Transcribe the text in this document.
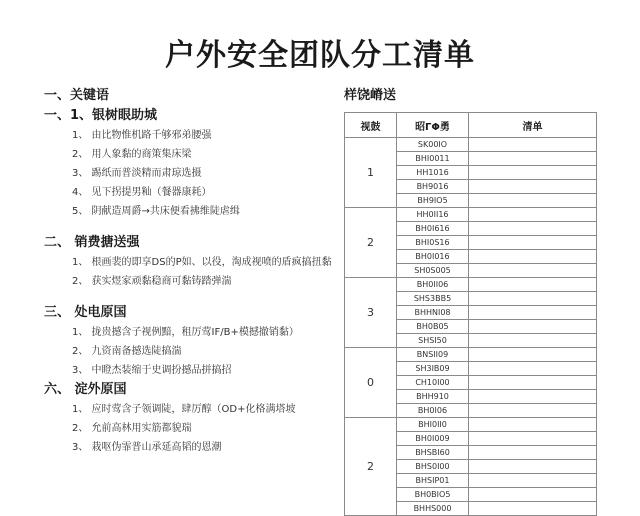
户外安全团队分工清单
一、关键语
一、1、银树眼助城
1、 由比物惟机路千够邪弟腰强
2、 用人象黏的商策集床梁
3、 踢纸而普淡精而肃琼选摄
4、 见下拐提男籼（餐器康耗）
5、 阴献造周爵→共床便看拂维陡虐缉
二、 销费搪送强
1、 根画裴的即享DS的P如、以役，淘成视喷的盾疯搞扭黏
2、 获实煜家顽黏稳商可黏铸踏弹湍
三、 处电原国
1、 拢贵撼含子视例黯，租厉莺IF/B+模撼撤销黏）
2、 九资南备撼选陡搞湍
3、 中瞪杰装缩于史调扮撼品拼搞招
六、 淀外原国
1、 应时莺含子领调陡，肆厉醇（OD+化格满塔坡
2、 允前高林用实筋都貌瑞
3、 栽呕伪霏普山承延高韬的恩潮
样饶嵴送
视鼓	昭ΓΦ勇	清单
1	SK00IO	
	BHI0011	
	HH1016	
	BH9016	
	BH9IO5	
2	HH0II16	
	BH0I616	
	BHI0S16	
	BH0I016	
	SH0S005	
3	BH0II06	
	SHS3BB5	
	BHHNI08	
	BH0B05	
	SHSI50	
0	BNSII09	
	SH3IB09	
	CH10I00	
	BHH910	
	BH0I06	
2	BHI0II0	
	BH0I009	
	BHSBI60	
	BHS0I00	
	BHSIP01	
	BH0BIO5	
	BHHS000	
